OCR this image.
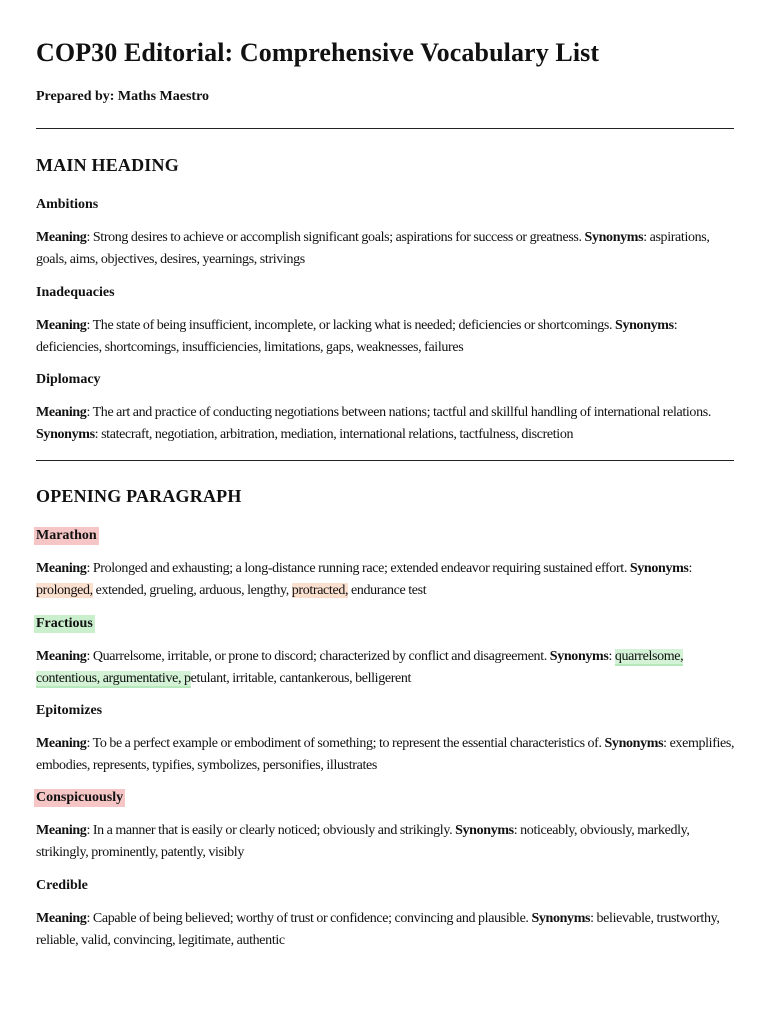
COP30 Editorial: Comprehensive Vocabulary List
Prepared by: Maths Maestro
MAIN HEADING
Ambitions
Meaning: Strong desires to achieve or accomplish significant goals; aspirations for success or greatness. Synonyms: aspirations, goals, aims, objectives, desires, yearnings, strivings
Inadequacies
Meaning: The state of being insufficient, incomplete, or lacking what is needed; deficiencies or shortcomings. Synonyms: deficiencies, shortcomings, insufficiencies, limitations, gaps, weaknesses, failures
Diplomacy
Meaning: The art and practice of conducting negotiations between nations; tactful and skillful handling of international relations. Synonyms: statecraft, negotiation, arbitration, mediation, international relations, tactfulness, discretion
OPENING PARAGRAPH
Marathon
Meaning: Prolonged and exhausting; a long-distance running race; extended endeavor requiring sustained effort. Synonyms: prolonged, extended, grueling, arduous, lengthy, protracted, endurance test
Fractious
Meaning: Quarrelsome, irritable, or prone to discord; characterized by conflict and disagreement. Synonyms: quarrelsome, contentious, argumentative, petulant, irritable, cantankerous, belligerent
Epitomizes
Meaning: To be a perfect example or embodiment of something; to represent the essential characteristics of. Synonyms: exemplifies, embodies, represents, typifies, symbolizes, personifies, illustrates
Conspicuously
Meaning: In a manner that is easily or clearly noticed; obviously and strikingly. Synonyms: noticeably, obviously, markedly, strikingly, prominently, patently, visibly
Credible
Meaning: Capable of being believed; worthy of trust or confidence; convincing and plausible. Synonyms: believable, trustworthy, reliable, valid, convincing, legitimate, authentic
